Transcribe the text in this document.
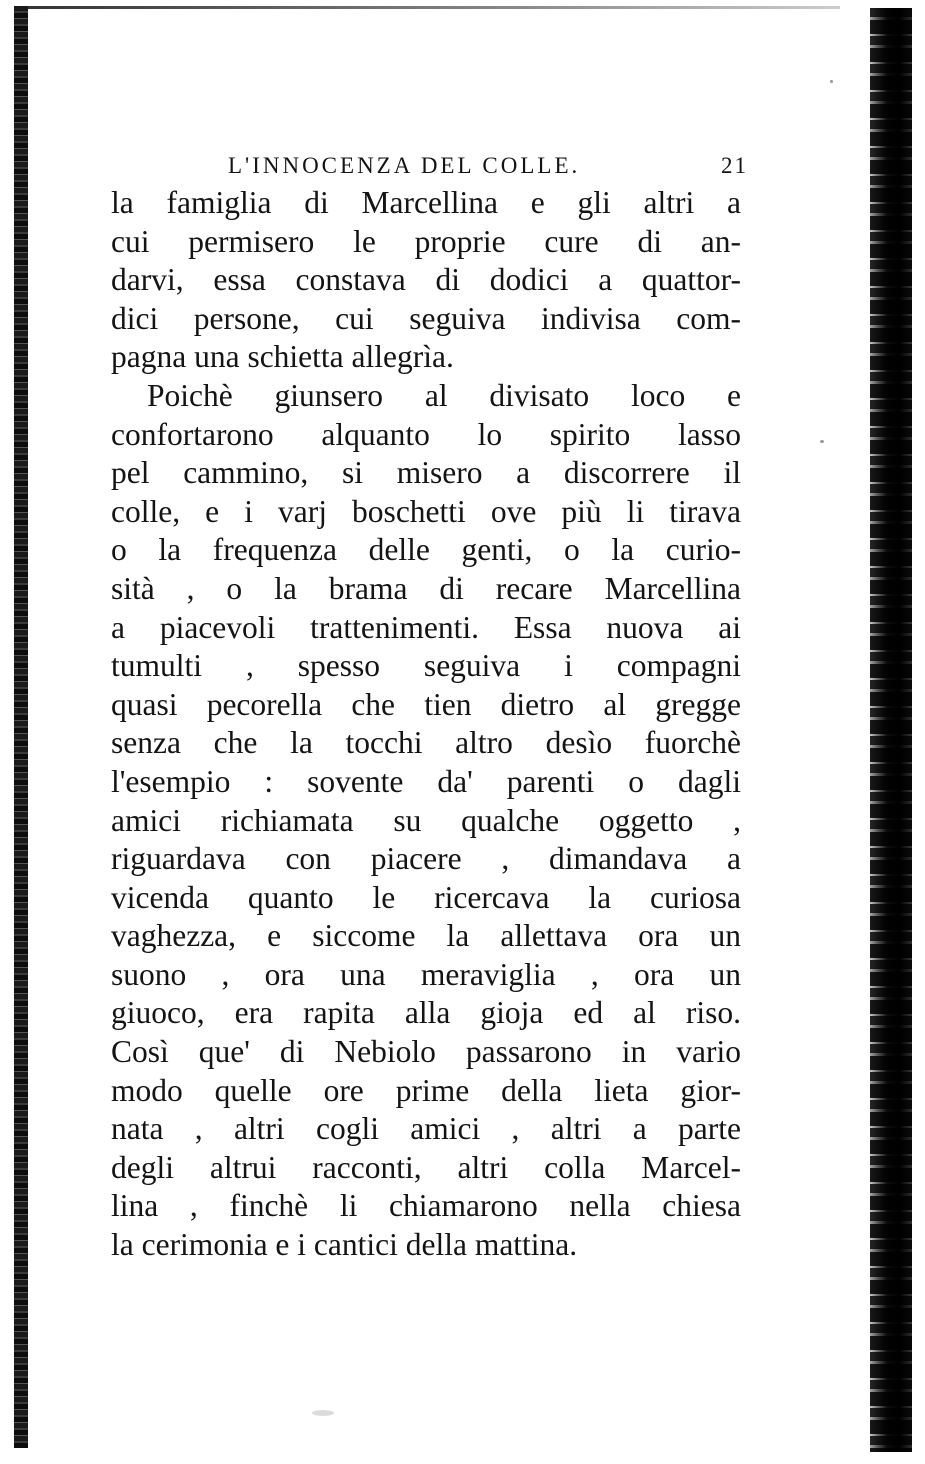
L'INNOCENZA DEL COLLE.	21
la famiglia di Marcellina e gli altri a
cui permisero le proprie cure di an-
darvi, essa constava di dodici a quattor-
dici persone, cui seguiva indivisa com-
pagna una schietta allegrìa.
Poichè giunsero al divisato loco e
confortarono alquanto lo spirito lasso
pel cammino, si misero a discorrere il
colle, e i varj boschetti ove più li tirava
o la frequenza delle genti, o la curio-
sità , o la brama di recare Marcellina
a piacevoli trattenimenti. Essa nuova ai
tumulti , spesso seguiva i compagni
quasi pecorella che tien dietro al gregge
senza che la tocchi altro desìo fuorchè
l'esempio : sovente da' parenti o dagli
amici richiamata su qualche oggetto ,
riguardava con piacere , dimandava a
vicenda quanto le ricercava la curiosa
vaghezza, e siccome la allettava ora un
suono , ora una meraviglia , ora un
giuoco, era rapita alla gioja ed al riso.
Così que' di Nebiolo passarono in vario
modo quelle ore prime della lieta gior-
nata , altri cogli amici , altri a parte
degli altrui racconti, altri colla Marcel-
lina , finchè li chiamarono nella chiesa
la cerimonia e i cantici della mattina.
